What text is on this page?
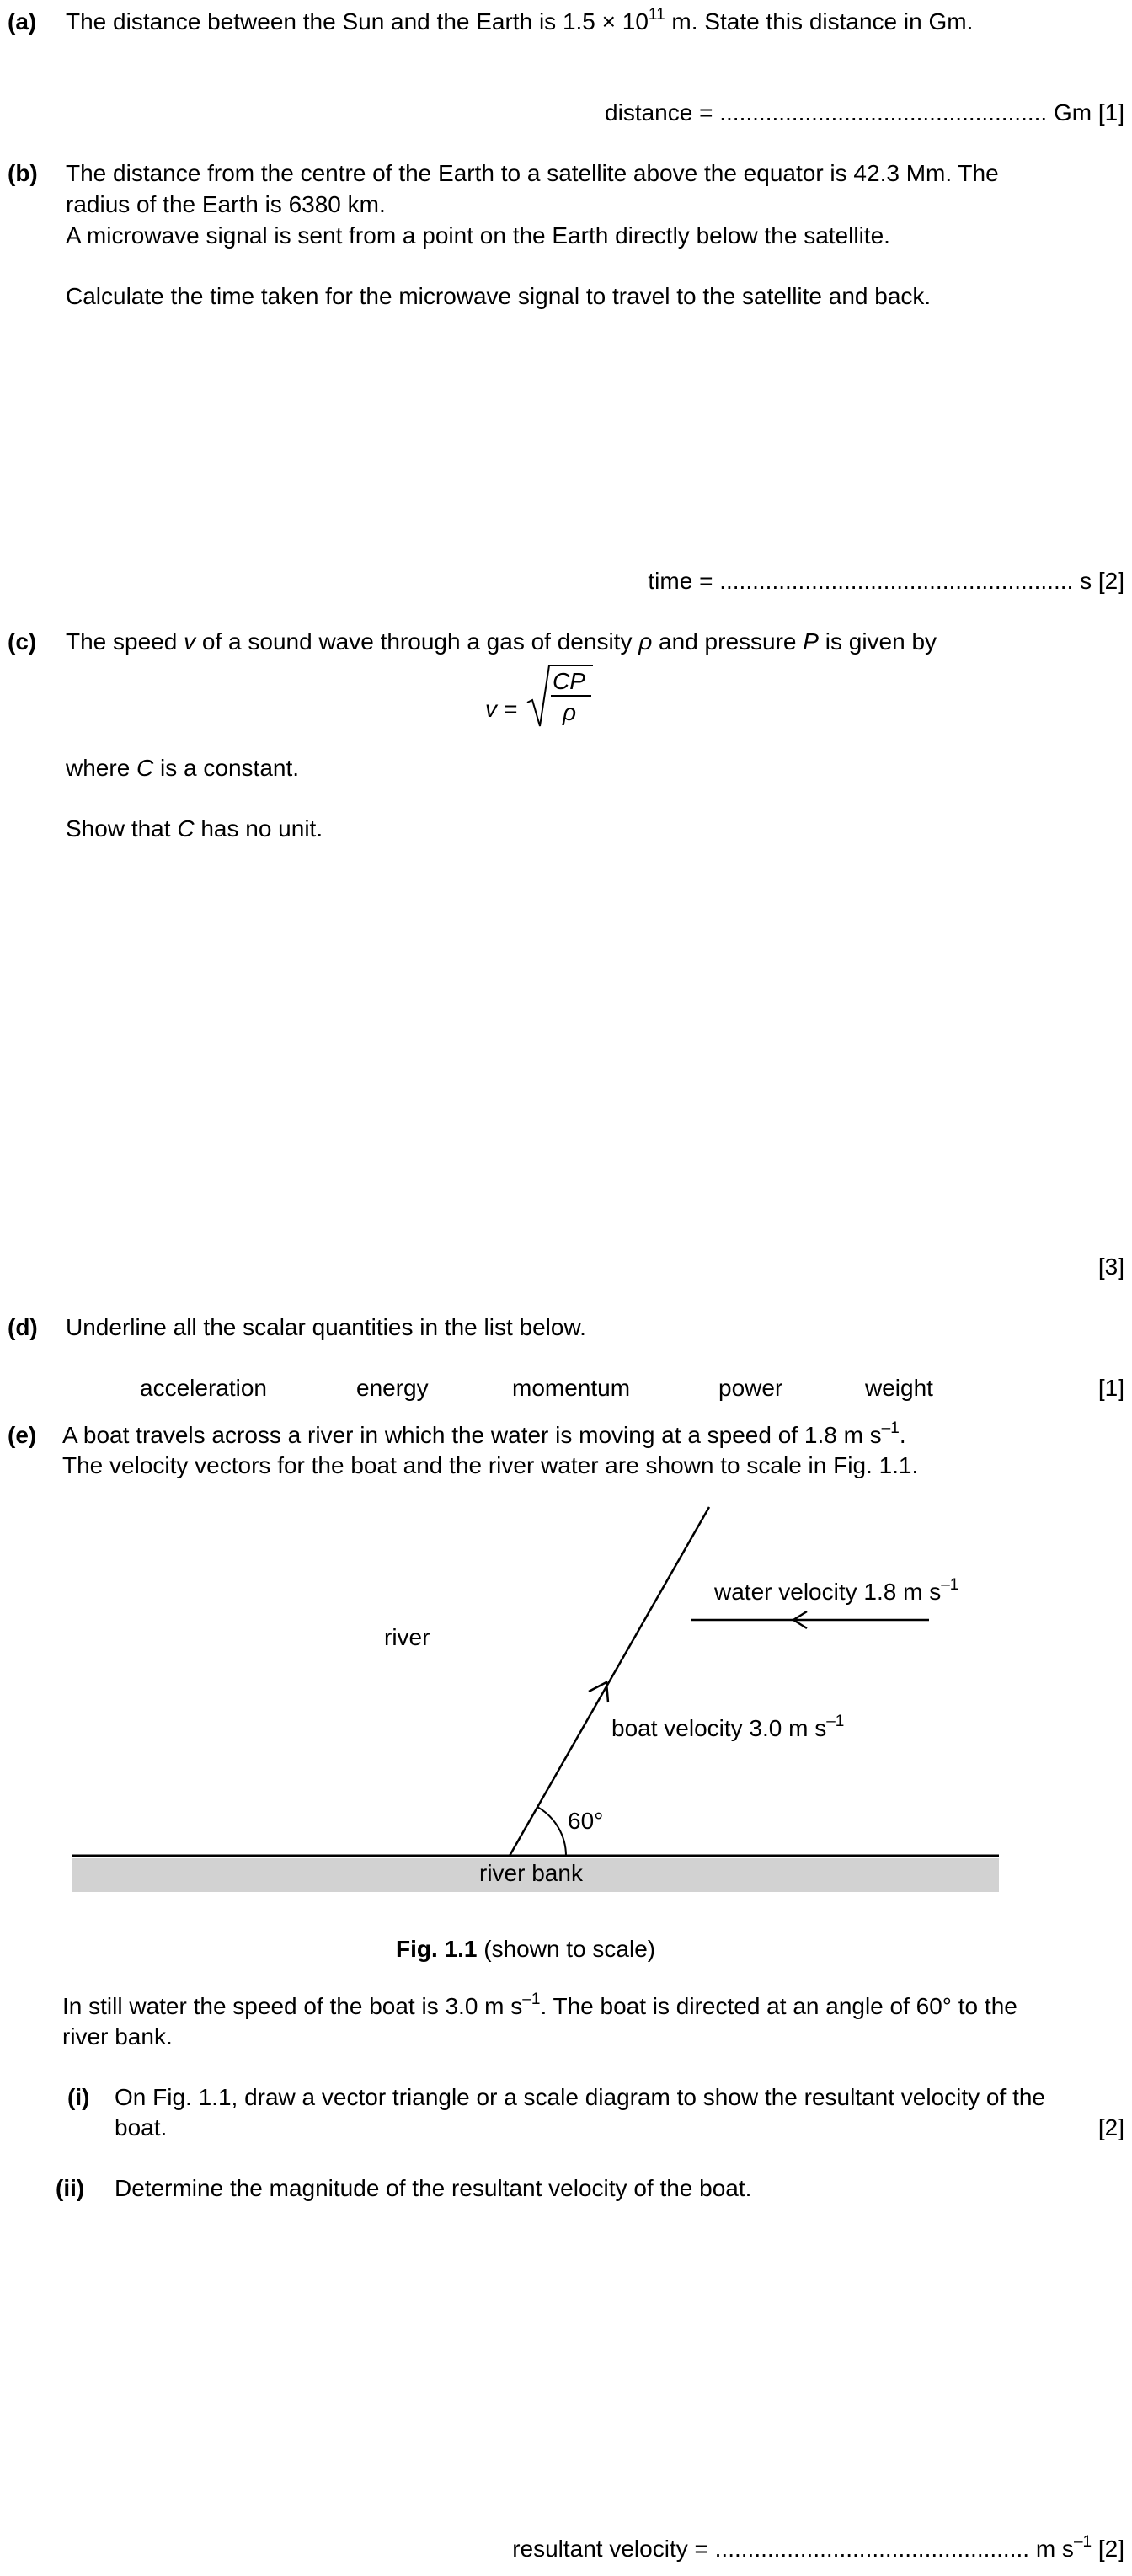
(a) The distance between the Sun and the Earth is $1.5 \times 10^{11}$ m. State this distance in Gm.
distance = .................................................. Gm [1]
(b) The distance from the centre of the Earth to a satellite above the equator is 42.3 Mm. The
radius of the Earth is 6380 km.
A microwave signal is sent from a point on the Earth directly below the satellite.
Calculate the time taken for the microwave signal to travel to the satellite and back.
time = ...................................................... s [2]
(c) The speed v of a sound wave through a gas of density ρ and pressure P is given by
v =
CP
ρ
where C is a constant.
Show that C has no unit.
[3]
(d) Underline all the scalar quantities in the list below.
acceleration	energy	momentum	power	weight	[1]
(e) A boat travels across a river in which the water is moving at a speed of 1.8 m $s^{-1}$.
The velocity vectors for the boat and the river water are shown to scale in Fig. 1.1.
water velocity 1.8 m $s^{-1}$
river
boat velocity 3.0 m $s^{-1}$
60°
river bank
Fig. 1.1 (shown to scale)
In still water the speed of the boat is 3.0 m $s^{-1}$. The boat is directed at an angle of 60° to the
river bank.
(i) On Fig. 1.1, draw a vector triangle or a scale diagram to show the resultant velocity of the
boat.	[2]
(ii) Determine the magnitude of the resultant velocity of the boat.
resultant velocity = ................................................ m $s^{-1}$ [2]
